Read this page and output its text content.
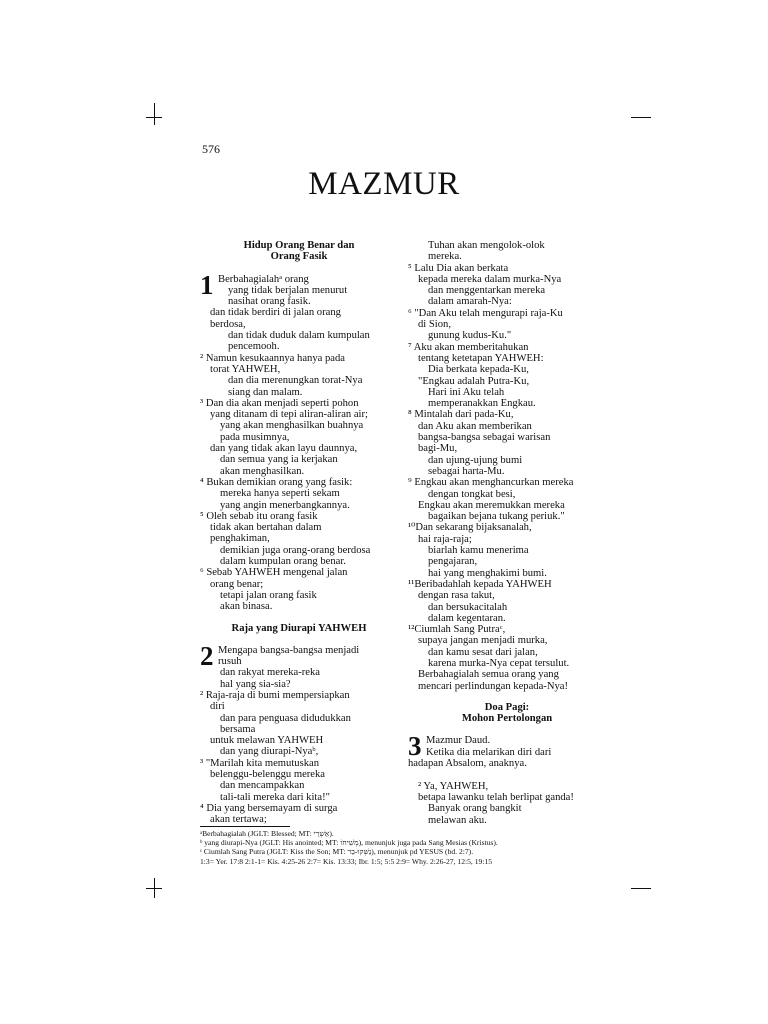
576
MAZMUR
Hidup Orang Benar dan
Orang Fasik
1 Berbahagialah$^a$ orang
yang tidak berjalan menurut
nasihat orang fasik.
dan tidak berdiri di jalan orang
berdosa,
dan tidak duduk dalam kumpulan
pencemooh.
² Namun kesukaannya hanya pada
torat YAHWEH,
dan dia merenungkan torat-Nya
siang dan malam.
³ Dan dia akan menjadi seperti pohon
yang ditanam di tepi aliran-aliran air;
yang akan menghasilkan buahnya
pada musimnya,
dan yang tidak akan layu daunnya,
dan semua yang ia kerjakan
akan menghasilkan.
⁴ Bukan demikian orang yang fasik:
mereka hanya seperti sekam
yang angin menerbangkannya.
⁵ Oleh sebab itu orang fasik
tidak akan bertahan dalam
penghakiman,
demikian juga orang-orang berdosa
dalam kumpulan orang benar.
⁶ Sebab YAHWEH mengenal jalan
orang benar;
tetapi jalan orang fasik
akan binasa.
Raja yang Diurapi YAHWEH
2 Mengapa bangsa-bangsa menjadi
rusuh
dan rakyat mereka-reka
hal yang sia-sia?
² Raja-raja di bumi mempersiapkan
diri
dan para penguasa didudukkan
bersama
untuk melawan YAHWEH
dan yang diurapi-Nya$^b$,
³ "Marilah kita memutuskan
belenggu-belenggu mereka
dan mencampakkan
tali-tali mereka dari kita!"
⁴ Dia yang bersemayam di surga
akan tertawa;
Tuhan akan mengolok-olok
mereka.
⁵ Lalu Dia akan berkata
kepada mereka dalam murka-Nya
dan menggentarkan mereka
dalam amarah-Nya:
⁶ "Dan Aku telah mengurapi raja-Ku
di Sion,
gunung kudus-Ku."
⁷ Aku akan memberitahukan
tentang ketetapan YAHWEH:
Dia berkata kepada-Ku,
"Engkau adalah Putra-Ku,
Hari ini Aku telah
memperanakkan Engkau.
⁸ Mintalah dari pada-Ku,
dan Aku akan memberikan
bangsa-bangsa sebagai warisan
bagi-Mu,
dan ujung-ujung bumi
sebagai harta-Mu.
⁹ Engkau akan menghancurkan mereka
dengan tongkat besi,
Engkau akan meremukkan mereka
bagaikan bejana tukang periuk."
¹⁰Dan sekarang bijaksanalah,
hai raja-raja;
biarlah kamu menerima
pengajaran,
hai yang menghakimi bumi.
¹¹Beribadahlah kepada YAHWEH
dengan rasa takut,
dan bersukacitalah
dalam kegentaran.
¹²Ciumlah Sang Putra$^c$,
supaya jangan menjadi murka,
dan kamu sesat dari jalan,
karena murka-Nya cepat tersulut.
Berbahagialah semua orang yang
mencari perlindungan kepada-Nya!
Doa Pagi:
Mohon Pertolongan
3 Mazmur Daud.
Ketika dia melarikan diri dari
hadapan Absalom, anaknya.
² Ya, YAHWEH,
betapa lawanku telah berlipat ganda!
Banyak orang bangkit
melawan aku.
ᵃBerbahagialah (JGLT: Blessed; MT: אַשְׁרֵי).
ᵇ yang diurapi-Nya (JGLT: His anointed; MT: מְשִׁיחוֹ), menunjuk juga pada Sang Mesias (Kristus).
ᶜ Ciumlah Sang Putra (JGLT: Kiss the Son; MT: נַשְּׁקוּ-בַר), menunjuk pd YESUS (bd. 2:7).
1:3= Yer. 17:8 2:1-1= Kis. 4:25-26 2:7= Kis. 13:33; Ibr. 1:5; 5:5 2:9= Why. 2:26-27, 12:5, 19:15
